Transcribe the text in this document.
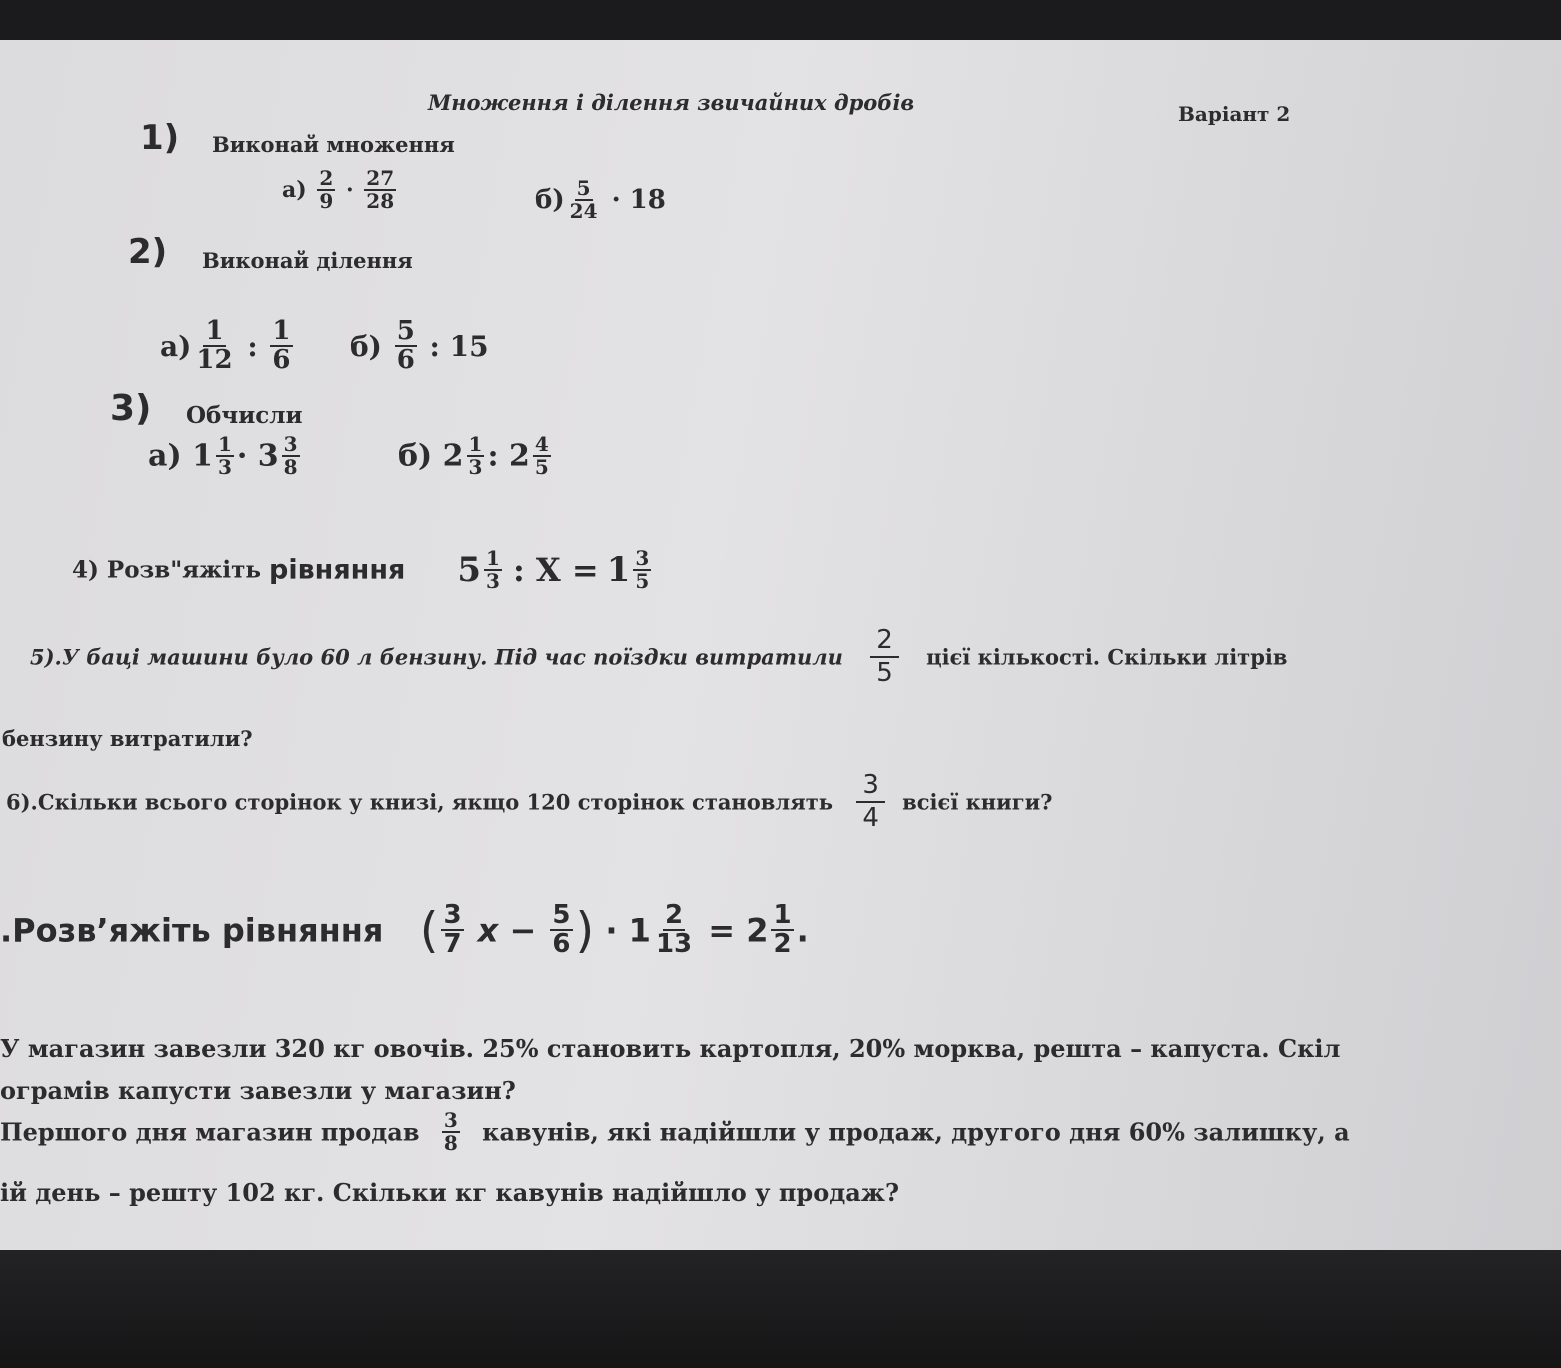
Множення і ділення звичайних дробів	Варіант 2
1) Виконай множення
$а) \frac{2}{9} \cdot \frac{27}{28}$	$б) \frac{5}{24} \cdot 18$
2) Виконай ділення
$а) \frac{1}{12}$ : $\frac{1}{6} б) \frac{5}{6}$ : 15
3) Обчисли
а) $1 \frac{1}{3} \cdot 3 \frac{3}{8}$	б) $2 \frac{1}{3}$ : $2 \frac{4}{5}$
4) Розв"яжіть рівняння $5 \frac{1}{3}$ : $X = 1 \frac{3}{5}$
5).У баці машини було 60 л бензину. Під час поїздки витратили $\frac{2}{5}$ цієї кількості. Скільки літрів
бензину витратили?
6).Скільки всього сторінок у книзі, якщо 120 сторінок становлять $\frac{3}{4}$ всієї книги?
.Розв’яжіть рівняння ( $\frac{3}{7}$ $x - \frac{5}{6}$ ) · $1 \frac{2}{13} = 2 \frac{1}{2}$ .
У магазин завезли 320 кг овочів. 25% становить картопля, 20% морква, решта – капуста. Скіл
ограмів капусти завезли у магазин?
Першого дня магазин продав $\frac{3}{8}$ кавунів, які надійшли у продаж, другого дня 60% залишку, а
ій день – решту 102 кг. Скільки кг кавунів надійшло у продаж?
